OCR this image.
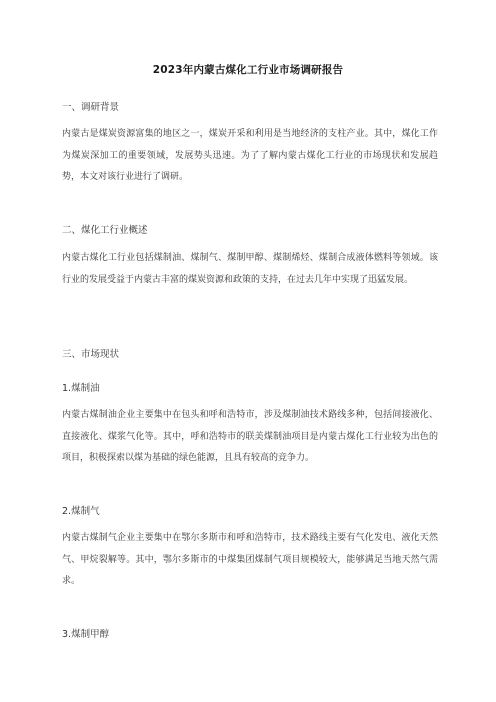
2023年内蒙古煤化工行业市场调研报告
一、调研背景
内蒙古是煤炭资源富集的地区之一，煤炭开采和利用是当地经济的支柱产业。其中，煤化工作为煤炭深加工的重要领域，发展势头迅速。为了了解内蒙古煤化工行业的市场现状和发展趋势，本文对该行业进行了调研。
二、煤化工行业概述
内蒙古煤化工行业包括煤制油、煤制气、煤制甲醇、煤制烯烃、煤制合成液体燃料等领域。该行业的发展受益于内蒙古丰富的煤炭资源和政策的支持，在过去几年中实现了迅猛发展。
三、市场现状
1.煤制油
内蒙古煤制油企业主要集中在包头和呼和浩特市，涉及煤制油技术路线多种，包括间接液化、直接液化、煤浆气化等。其中，呼和浩特市的联美煤制油项目是内蒙古煤化工行业较为出色的项目，积极探索以煤为基础的绿色能源，且具有较高的竞争力。
2.煤制气
内蒙古煤制气企业主要集中在鄂尔多斯市和呼和浩特市，技术路线主要有气化发电、液化天然气、甲烷裂解等。其中，鄂尔多斯市的中煤集团煤制气项目规模较大，能够满足当地天然气需求。
3.煤制甲醇
